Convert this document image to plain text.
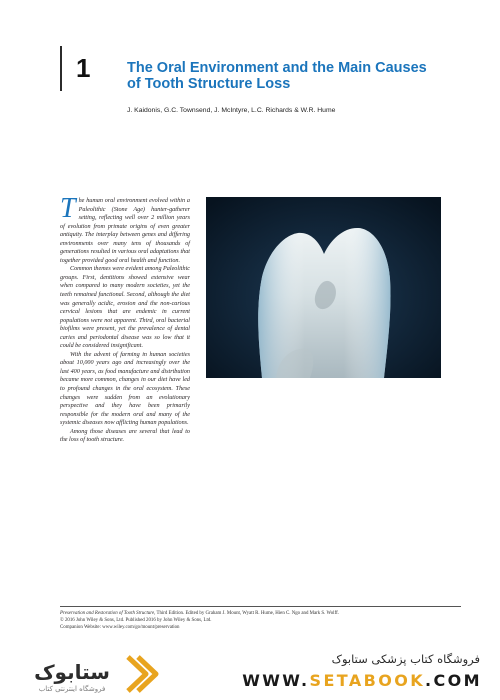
1	The Oral Environment and the Main Causes
of Tooth Structure Loss
J. Kaidonis, G.C. Townsend, J. McIntyre, L.C. Richards & W.R. Hume

The human oral environment evolved within a Paleolithic (Stone Age) hunter-gatherer setting, reflecting well over 2 million years of evolution from primate origins of even greater antiquity. The interplay between genes and differing environments over many tens of thousands of generations resulted in various oral adaptations that together provided good oral health and function.

Common themes were evident among Paleolithic groups. First, dentitions showed extensive wear when compared to many modern societies, yet the teeth remained functional. Second, although the diet was generally acidic, erosion and the non-carious cervical lesions that are endemic in current populations were not apparent. Third, oral bacterial biofilms were present, yet the prevalence of dental caries and periodontal disease was so low that it could be considered insignificant.

With the advent of farming in human societies about 10,000 years ago and increasingly over the last 400 years, as food manufacture and distribution became more common, changes in our diet have led to profound changes in the oral ecosystem. These changes were sudden from an evolutionary perspective and they have been primarily responsible for the modern oral and many of the systemic diseases now afflicting human populations.

Among those diseases are several that lead to the loss of tooth structure.

Preservation and Restoration of Tooth Structure, Third Edition. Edited by Graham J. Mount, Wyatt R. Hume, Hien C. Ngo and Mark S. Wolff.
© 2016 John Wiley & Sons, Ltd. Published 2016 by John Wiley & Sons, Ltd.
Companion Website: www.wiley.com/go/mount/preservation
ستابوک
فروشگاه اینترنتی کتاب
فروشگاه کتاب پزشکی ستابوک
WWW.SETABOOK.COM
